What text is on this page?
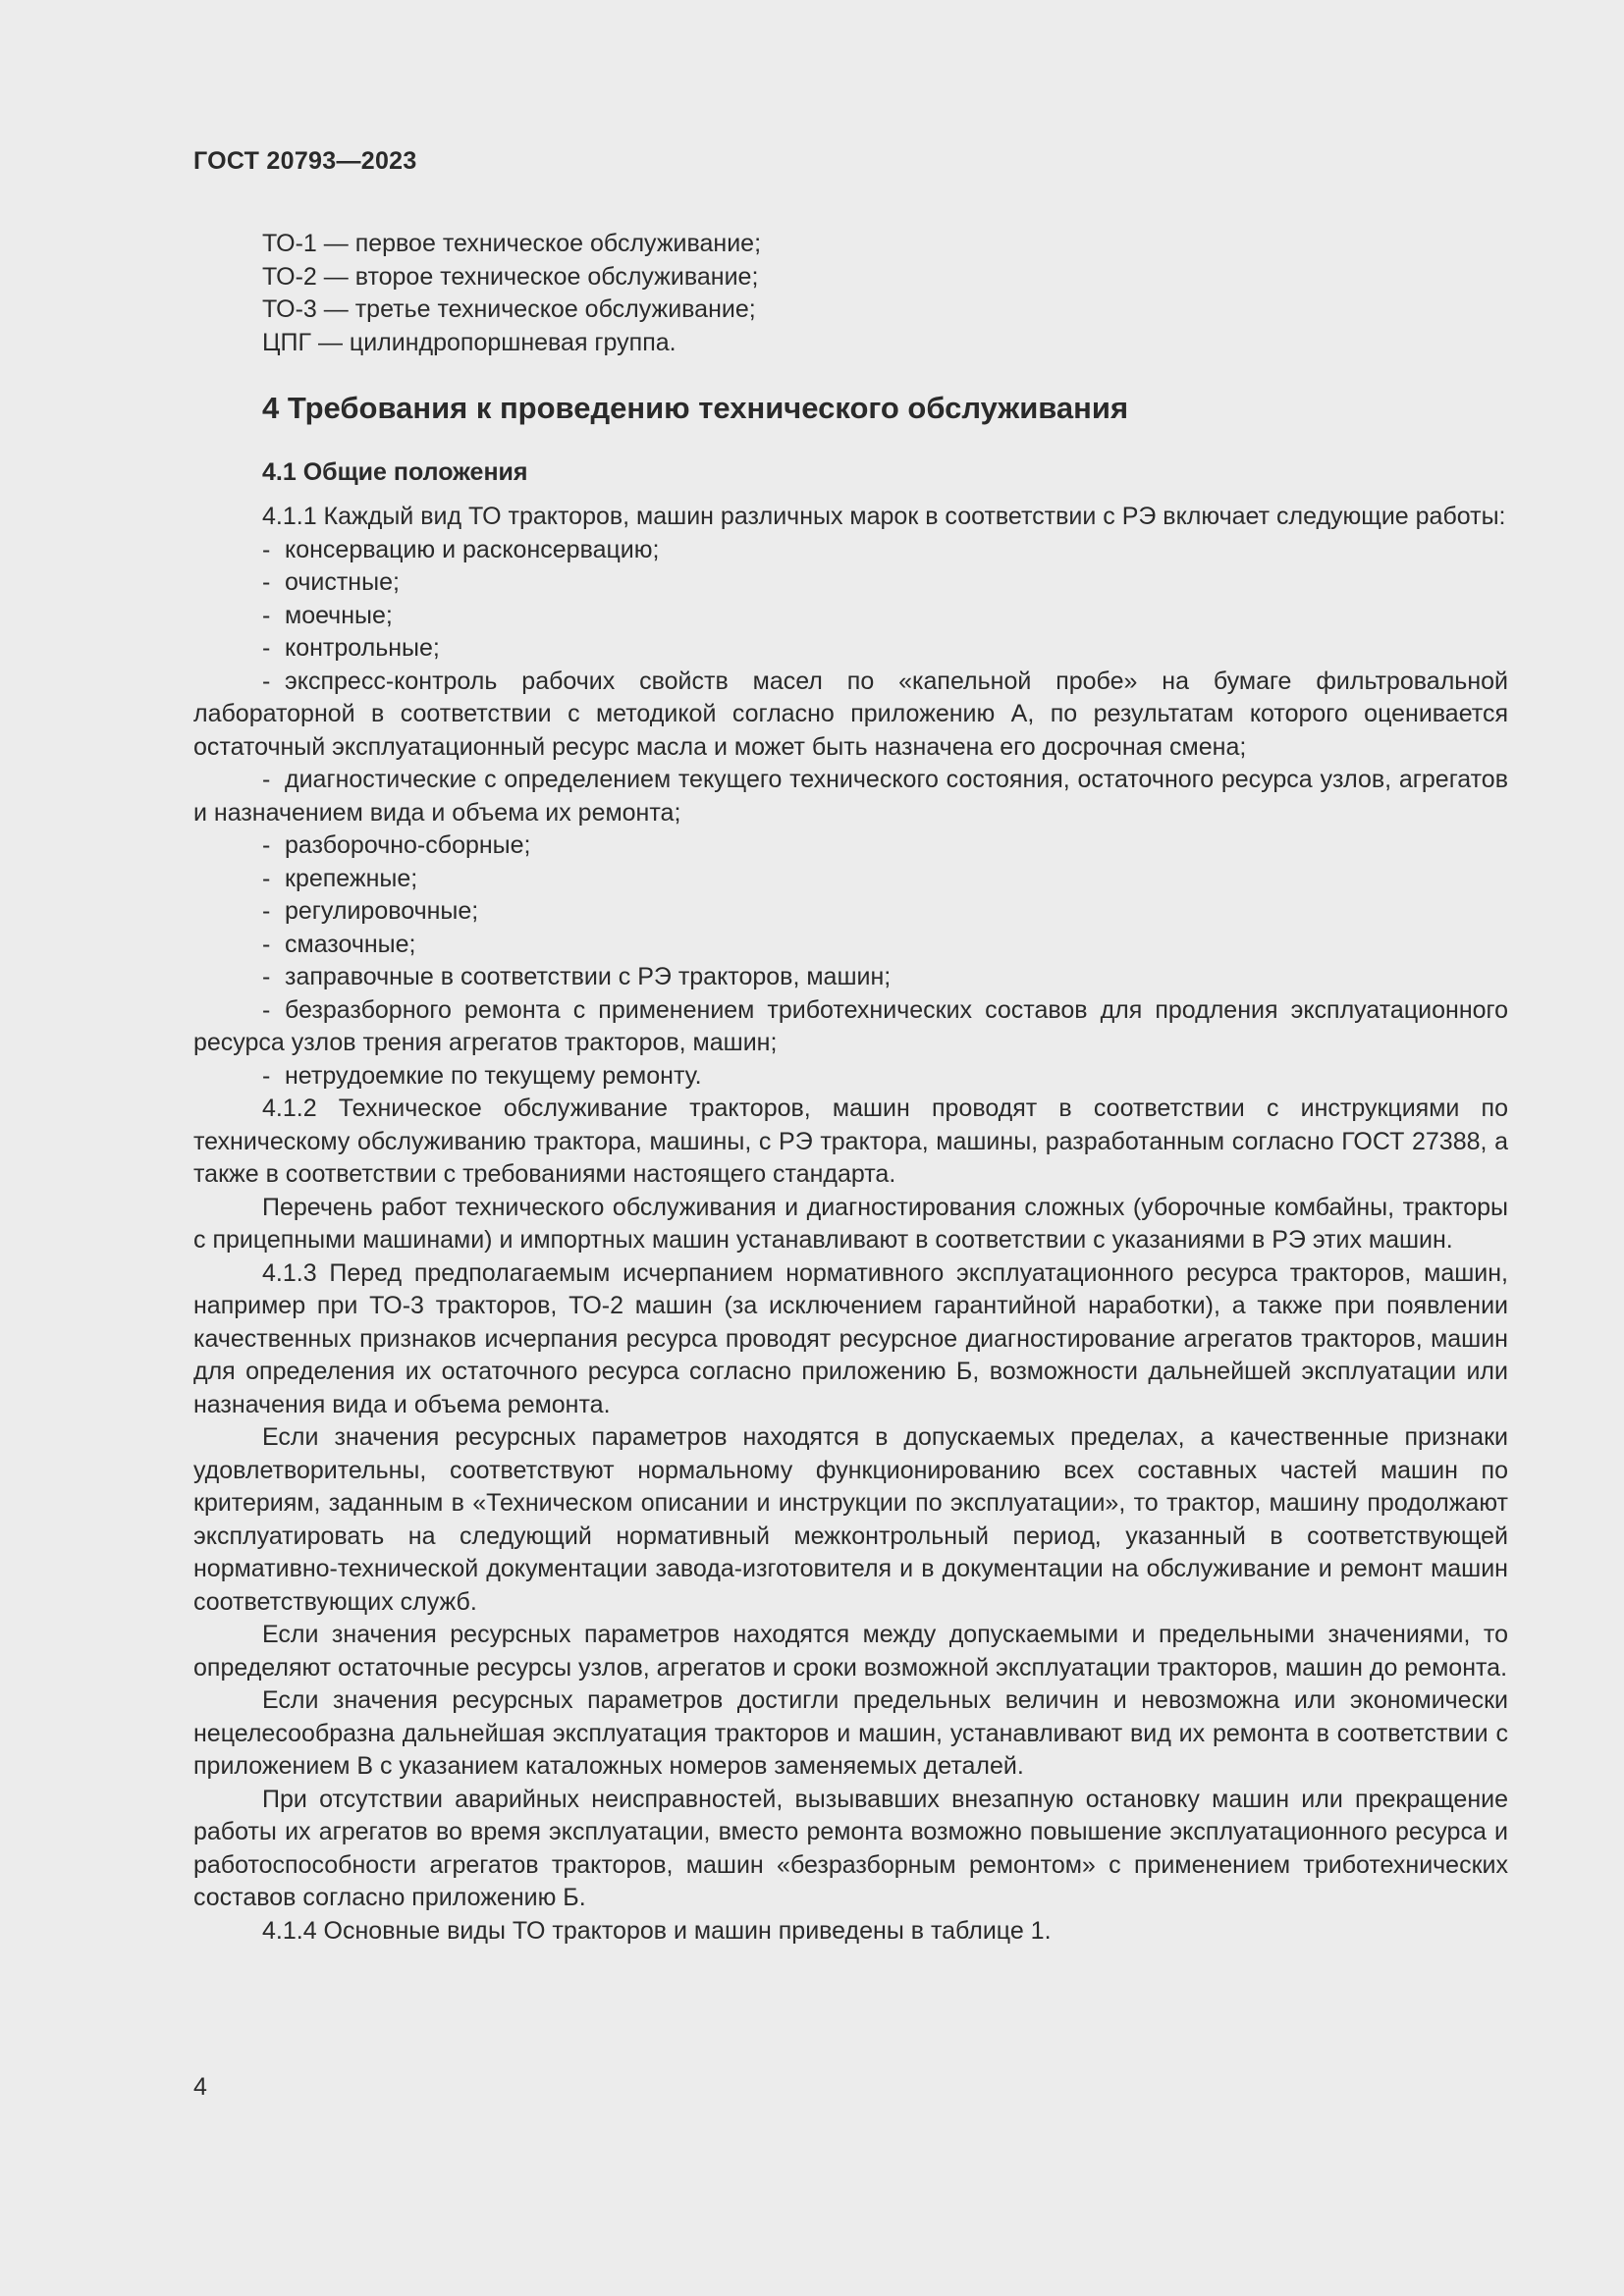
ГОСТ 20793—2023
ТО-1 — первое техническое обслуживание;
ТО-2 — второе техническое обслуживание;
ТО-3 — третье техническое обслуживание;
ЦПГ — цилиндропоршневая группа.
4 Требования к проведению технического обслуживания
4.1 Общие положения

4.1.1 Каждый вид ТО тракторов, машин различных марок в соответствии с РЭ включает следующие работы:

- консервацию и расконсервацию;
- очистные;
- моечные;
- контрольные;
- экспресс-контроль рабочих свойств масел по «капельной пробе» на бумаге фильтровальной лабораторной в соответствии с методикой согласно приложению А, по результатам которого оценивается остаточный эксплуатационный ресурс масла и может быть назначена его досрочная смена;
- диагностические с определением текущего технического состояния, остаточного ресурса узлов, агрегатов и назначением вида и объема их ремонта;
- разборочно-сборные;
- крепежные;
- регулировочные;
- смазочные;
- заправочные в соответствии с РЭ тракторов, машин;
- безразборного ремонта с применением триботехнических составов для продления эксплуатационного ресурса узлов трения агрегатов тракторов, машин;
- нетрудоемкие по текущему ремонту.

4.1.2 Техническое обслуживание тракторов, машин проводят в соответствии с инструкциями по техническому обслуживанию трактора, машины, с РЭ трактора, машины, разработанным согласно ГОСТ 27388, а также в соответствии с требованиями настоящего стандарта.

Перечень работ технического обслуживания и диагностирования сложных (уборочные комбайны, тракторы с прицепными машинами) и импортных машин устанавливают в соответствии с указаниями в РЭ этих машин.

4.1.3 Перед предполагаемым исчерпанием нормативного эксплуатационного ресурса тракторов, машин, например при ТО-3 тракторов, ТО-2 машин (за исключением гарантийной наработки), а также при появлении качественных признаков исчерпания ресурса проводят ресурсное диагностирование агрегатов тракторов, машин для определения их остаточного ресурса согласно приложению Б, возможности дальнейшей эксплуатации или назначения вида и объема ремонта.

Если значения ресурсных параметров находятся в допускаемых пределах, а качественные признаки удовлетворительны, соответствуют нормальному функционированию всех составных частей машин по критериям, заданным в «Техническом описании и инструкции по эксплуатации», то трактор, машину продолжают эксплуатировать на следующий нормативный межконтрольный период, указанный в соответствующей нормативно-технической документации завода-изготовителя и в документации на обслуживание и ремонт машин соответствующих служб.

Если значения ресурсных параметров находятся между допускаемыми и предельными значениями, то определяют остаточные ресурсы узлов, агрегатов и сроки возможной эксплуатации тракторов, машин до ремонта.

Если значения ресурсных параметров достигли предельных величин и невозможна или экономически нецелесообразна дальнейшая эксплуатация тракторов и машин, устанавливают вид их ремонта в соответствии с приложением В с указанием каталожных номеров заменяемых деталей.

При отсутствии аварийных неисправностей, вызывавших внезапную остановку машин или прекращение работы их агрегатов во время эксплуатации, вместо ремонта возможно повышение эксплуатационного ресурса и работоспособности агрегатов тракторов, машин «безразборным ремонтом» с применением триботехнических составов согласно приложению Б.

4.1.4 Основные виды ТО тракторов и машин приведены в таблице 1.

4
